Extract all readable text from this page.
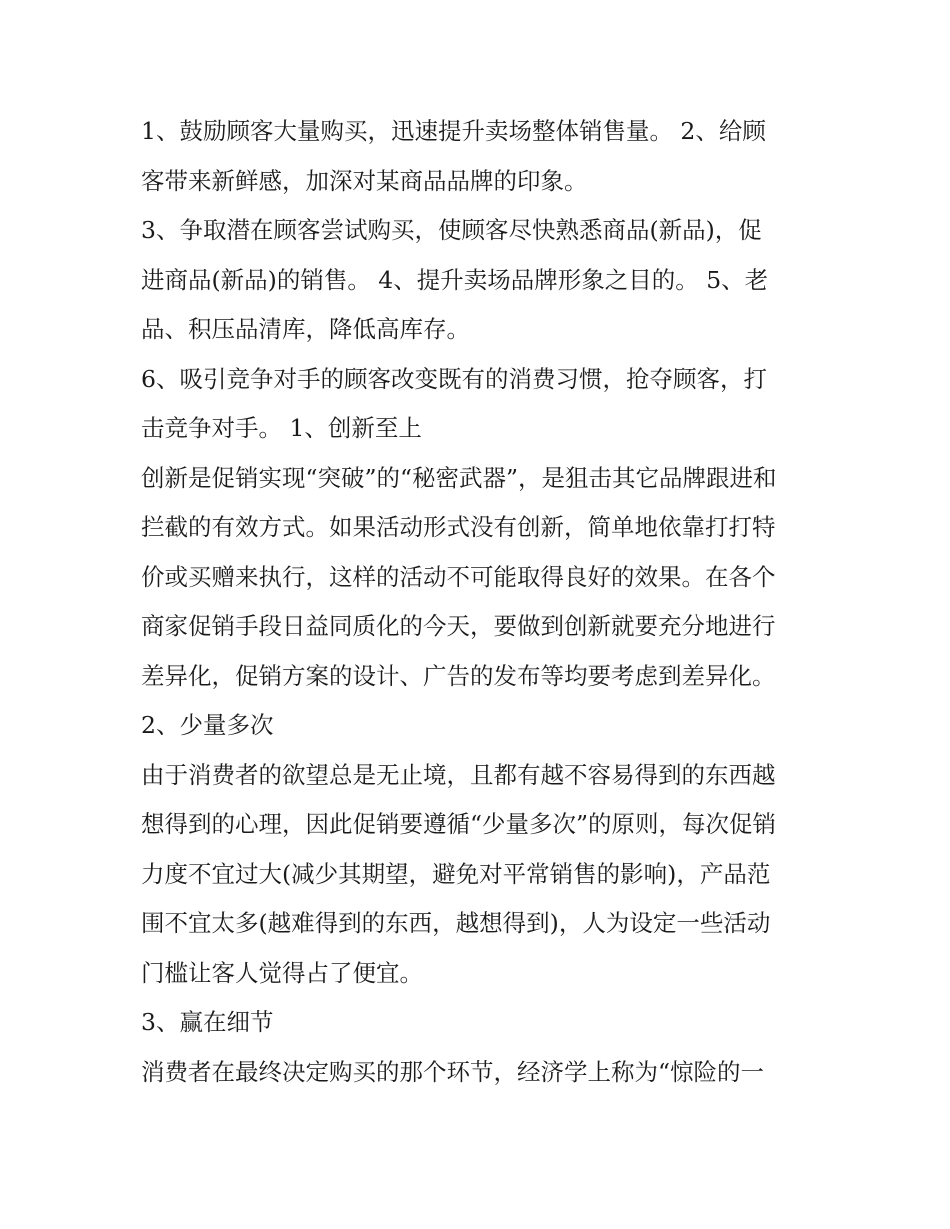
1、鼓励顾客大量购买，迅速提升卖场整体销售量。 2、给顾

客带来新鲜感，加深对某商品品牌的印象。

3、争取潜在顾客尝试购买，使顾客尽快熟悉商品(新品)，促

进商品(新品)的销售。 4、提升卖场品牌形象之目的。 5、老

品、积压品清库，降低高库存。

6、吸引竞争对手的顾客改变既有的消费习惯，抢夺顾客，打

击竞争对手。 1、创新至上

创新是促销实现“突破”的“秘密武器”，是狙击其它品牌跟进和

拦截的有效方式。如果活动形式没有创新，简单地依靠打打特

价或买赠来执行，这样的活动不可能取得良好的效果。在各个

商家促销手段日益同质化的今天，要做到创新就要充分地进行

差异化，促销方案的设计、广告的发布等均要考虑到差异化。

2、少量多次

由于消费者的欲望总是无止境，且都有越不容易得到的东西越

想得到的心理，因此促销要遵循“少量多次”的原则，每次促销

力度不宜过大(减少其期望，避免对平常销售的影响)，产品范

围不宜太多(越难得到的东西，越想得到)，人为设定一些活动

门槛让客人觉得占了便宜。

3、赢在细节

消费者在最终决定购买的那个环节，经济学上称为“惊险的一
